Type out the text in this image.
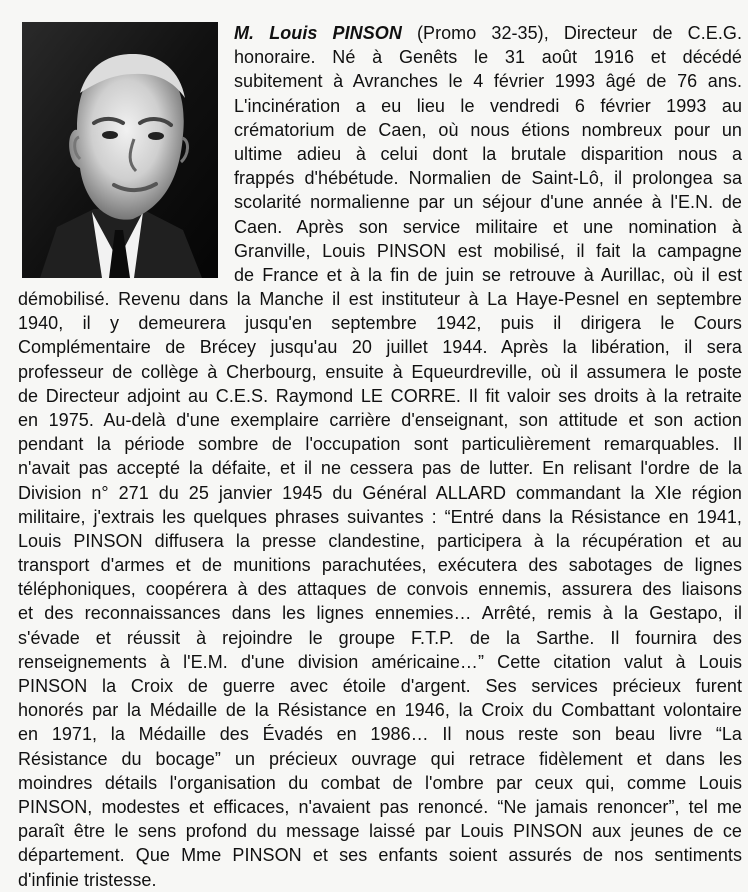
M. Louis PINSON (Promo 32-35), Directeur de C.E.G.
honoraire. Né à Genêts le 31 août 1916 et décédé
subitement à Avranches le 4 février 1993 âgé de 76 ans.
L'incinération a eu lieu le vendredi 6 février 1993 au
crématorium de Caen, où nous étions nombreux pour un
ultime adieu à celui dont la brutale disparition nous a
frappés d'hébétude. Normalien de Saint-Lô, il prolongea sa
scolarité normalienne par un séjour d'une année à l'E.N. de
Caen. Après son service militaire et une nomination à
Granville, Louis PINSON est mobilisé, il fait la campagne
de France et à la fin de juin se retrouve à Aurillac, où il est
démobilisé. Revenu dans la Manche il est instituteur à La Haye-Pesnel en septembre
1940, il y demeurera jusqu'en septembre 1942, puis il dirigera le Cours
Complémentaire de Brécey jusqu'au 20 juillet 1944. Après la libération, il sera
professeur de collège à Cherbourg, ensuite à Equeurdreville, où il assumera le poste
de Directeur adjoint au C.E.S. Raymond LE CORRE. Il fit valoir ses droits à la retraite
en 1975. Au-delà d'une exemplaire carrière d'enseignant, son attitude et son action
pendant la période sombre de l'occupation sont particulièrement remarquables. Il
n'avait pas accepté la défaite, et il ne cessera pas de lutter. En relisant l'ordre de la
Division n° 271 du 25 janvier 1945 du Général ALLARD commandant la XIe région
militaire, j'extrais les quelques phrases suivantes : “Entré dans la Résistance en 1941,
Louis PINSON diffusera la presse clandestine, participera à la récupération et au
transport d'armes et de munitions parachutées, exécutera des sabotages de lignes
téléphoniques, coopérera à des attaques de convois ennemis, assurera des liaisons
et des reconnaissances dans les lignes ennemies… Arrêté, remis à la Gestapo, il
s'évade et réussit à rejoindre le groupe F.T.P. de la Sarthe. Il fournira des
renseignements à l'E.M. d'une division américaine…” Cette citation valut à Louis
PINSON la Croix de guerre avec étoile d'argent. Ses services précieux furent
honorés par la Médaille de la Résistance en 1946, la Croix du Combattant volontaire
en 1971, la Médaille des Évadés en 1986… Il nous reste son beau livre “La
Résistance du bocage” un précieux ouvrage qui retrace fidèlement et dans les
moindres détails l'organisation du combat de l'ombre par ceux qui, comme Louis
PINSON, modestes et efficaces, n'avaient pas renoncé. “Ne jamais renoncer”, tel me
paraît être le sens profond du message laissé par Louis PINSON aux jeunes de ce
département. Que Mme PINSON et ses enfants soient assurés de nos sentiments
d'infinie tristesse.
